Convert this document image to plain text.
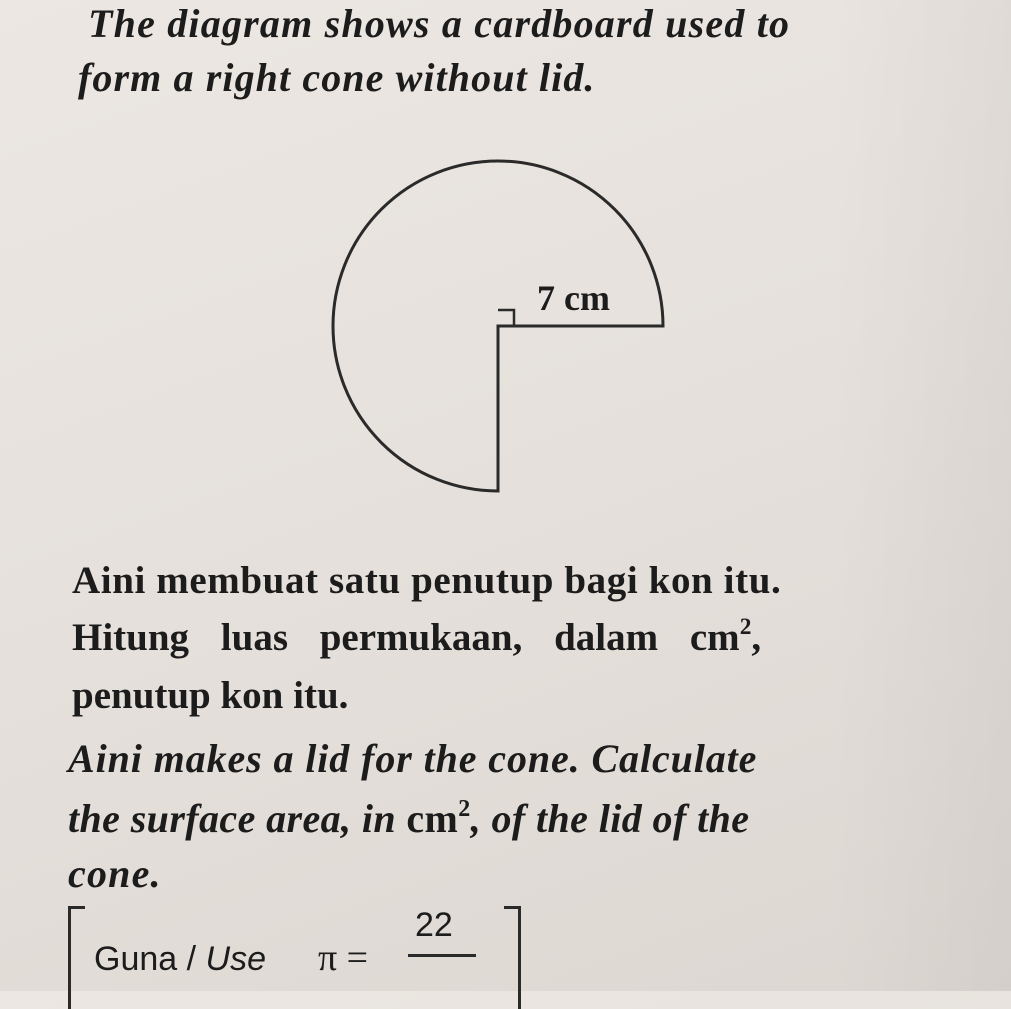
The diagram shows a cardboard used to
form a right cone without lid.
7 cm
Aini membuat satu penutup bagi kon itu.
Hitung luas permukaan, dalam $cm^2$,
penutup kon itu.
Aini makes a lid for the cone. Calculate
the surface area, in $cm^2$, of the lid of the
cone.
Guna / Use π =
22
